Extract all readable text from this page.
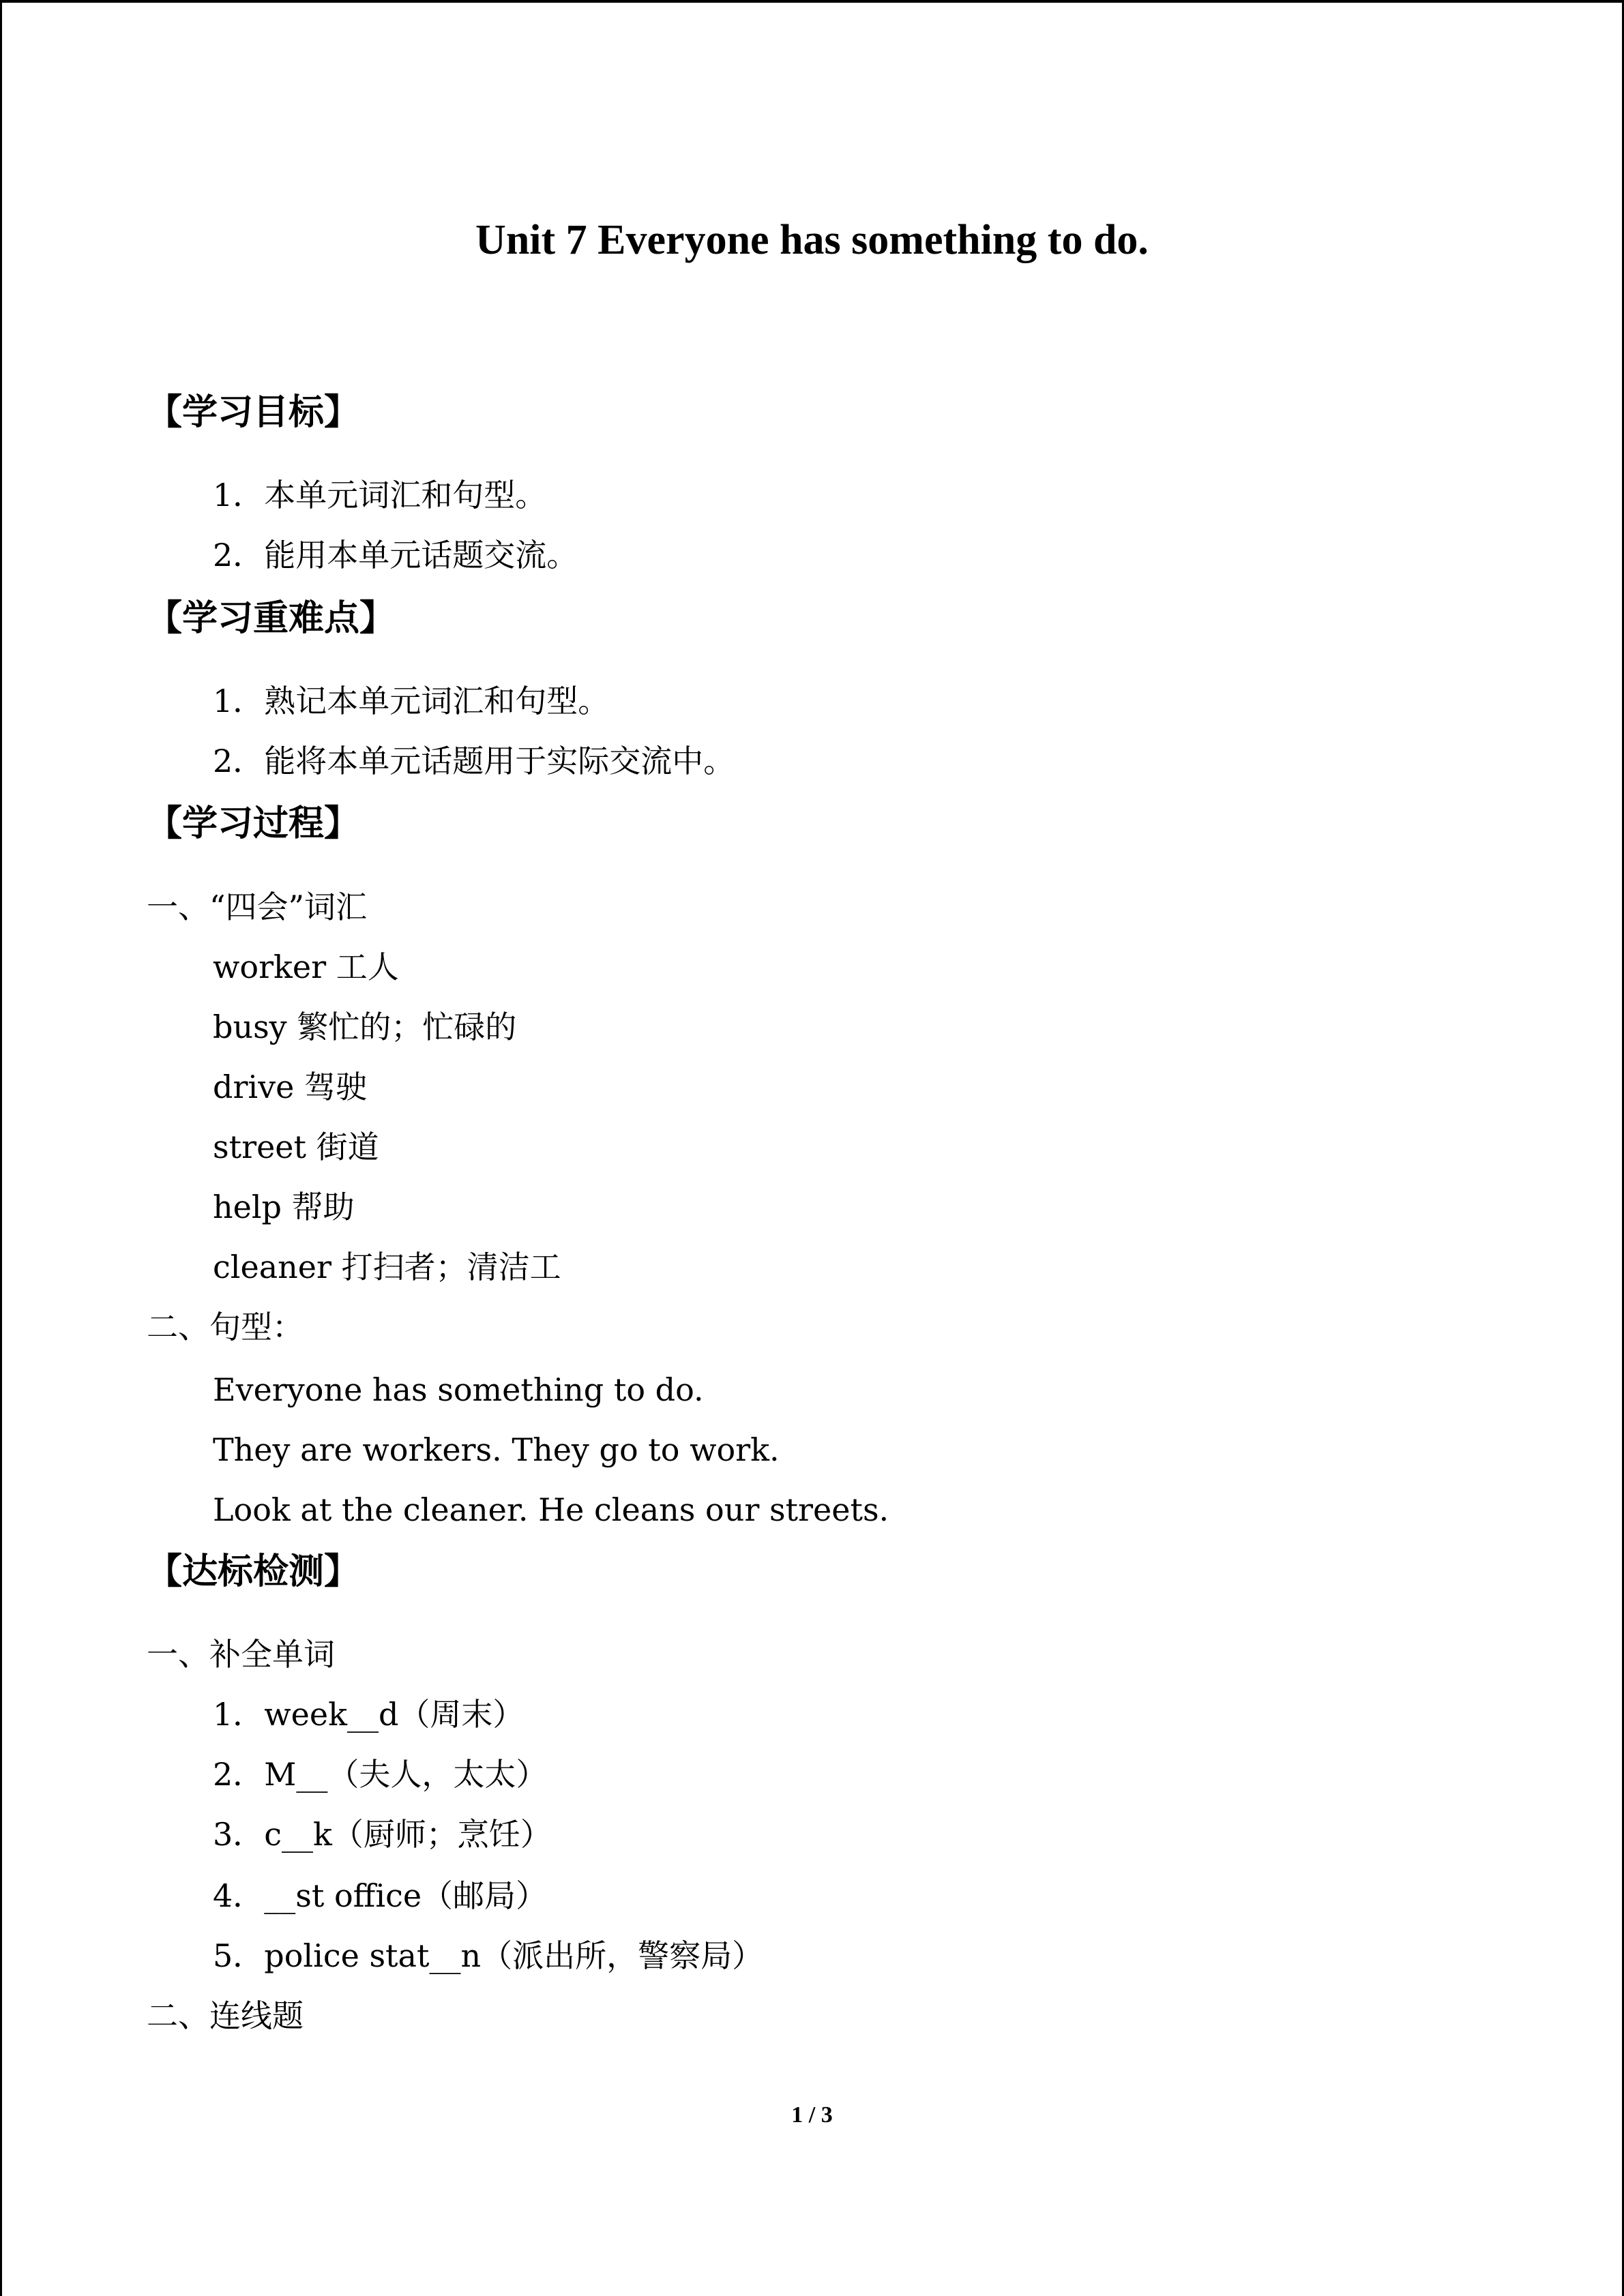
Unit 7 Everyone has something to do.
【学习目标】
1．本单元词汇和句型。
2．能用本单元话题交流。
【学习重难点】
1．熟记本单元词汇和句型。
2．能将本单元话题用于实际交流中。
【学习过程】
一、“四会”词汇
worker 工人
busy 繁忙的；忙碌的
drive 驾驶
street 街道
help 帮助
cleaner 打扫者；清洁工
二、句型：
Everyone has something to do.
They are workers. They go to work.
Look at the cleaner. He cleans our streets.
【达标检测】
一、补全单词
1．week__d（周末）
2．M__（夫人，太太）
3．c__k（厨师；烹饪）
4．__st office（邮局）
5．police stat__n（派出所，警察局）
二、连线题
1 / 3
